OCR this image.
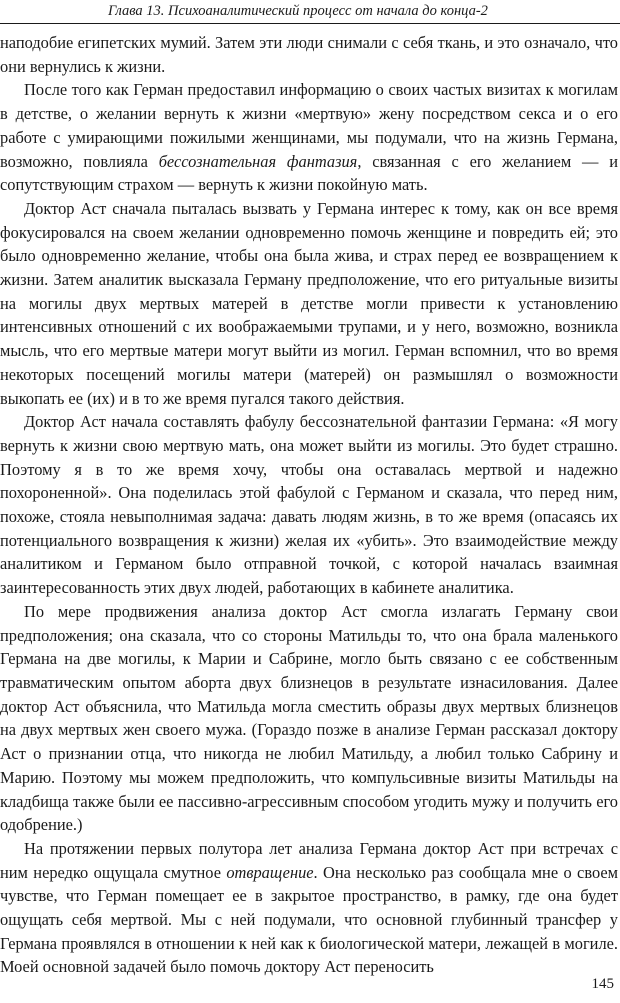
Глава 13. Психоаналитический процесс от начала до конца-2

наподобие египетских мумий. Затем эти люди снимали с себя ткань, и это означало, что они вернулись к жизни.

После того как Герман предоставил информацию о своих частых визитах к могилам в детстве, о желании вернуть к жизни «мертвую» жену посредством секса и о его работе с умирающими пожилыми женщинами, мы подумали, что на жизнь Германа, возможно, повлияла бессознательная фантазия, связанная с его желанием — и сопутствующим страхом — вернуть к жизни покойную мать.

Доктор Аст сначала пыталась вызвать у Германа интерес к тому, как он все время фокусировался на своем желании одновременно помочь женщине и повредить ей; это было одновременно желание, чтобы она была жива, и страх перед ее возвращением к жизни. Затем аналитик высказала Герману предположение, что его ритуальные визиты на могилы двух мертвых матерей в детстве могли привести к установлению интенсивных отношений с их воображаемыми трупами, и у него, возможно, возникла мысль, что его мертвые матери могут выйти из могил. Герман вспомнил, что во время некоторых посещений могилы матери (матерей) он размышлял о возможности выкопать ее (их) и в то же время пугался такого действия.

Доктор Аст начала составлять фабулу бессознательной фантазии Германа: «Я могу вернуть к жизни свою мертвую мать, она может выйти из могилы. Это будет страшно. Поэтому я в то же время хочу, чтобы она оставалась мертвой и надежно похороненной». Она поделилась этой фабулой с Германом и сказала, что перед ним, похоже, стояла невыполнимая задача: давать людям жизнь, в то же время (опасаясь их потенциального возвращения к жизни) желая их «убить». Это взаимодействие между аналитиком и Германом было отправной точкой, с которой началась взаимная заинтересованность этих двух людей, работающих в кабинете аналитика.

По мере продвижения анализа доктор Аст смогла излагать Герману свои предположения; она сказала, что со стороны Матильды то, что она брала маленького Германа на две могилы, к Марии и Сабрине, могло быть связано с ее собственным травматическим опытом аборта двух близнецов в результате изнасилования. Далее доктор Аст объяснила, что Матильда могла сместить образы двух мертвых близнецов на двух мертвых жен своего мужа. (Гораздо позже в анализе Герман рассказал доктору Аст о признании отца, что никогда не любил Матильду, а любил только Сабрину и Марию. Поэтому мы можем предположить, что компульсивные визиты Матильды на кладбища также были ее пассивно-агрессивным способом угодить мужу и получить его одобрение.)

На протяжении первых полутора лет анализа Германа доктор Аст при встречах с ним нередко ощущала смутное отвращение. Она несколько раз сообщала мне о своем чувстве, что Герман помещает ее в закрытое пространство, в рамку, где она будет ощущать себя мертвой. Мы с ней подумали, что основной глубинный трансфер у Германа проявлялся в отношении к ней как к биологической матери, лежащей в могиле. Моей основной задачей было помочь доктору Аст переносить

145
